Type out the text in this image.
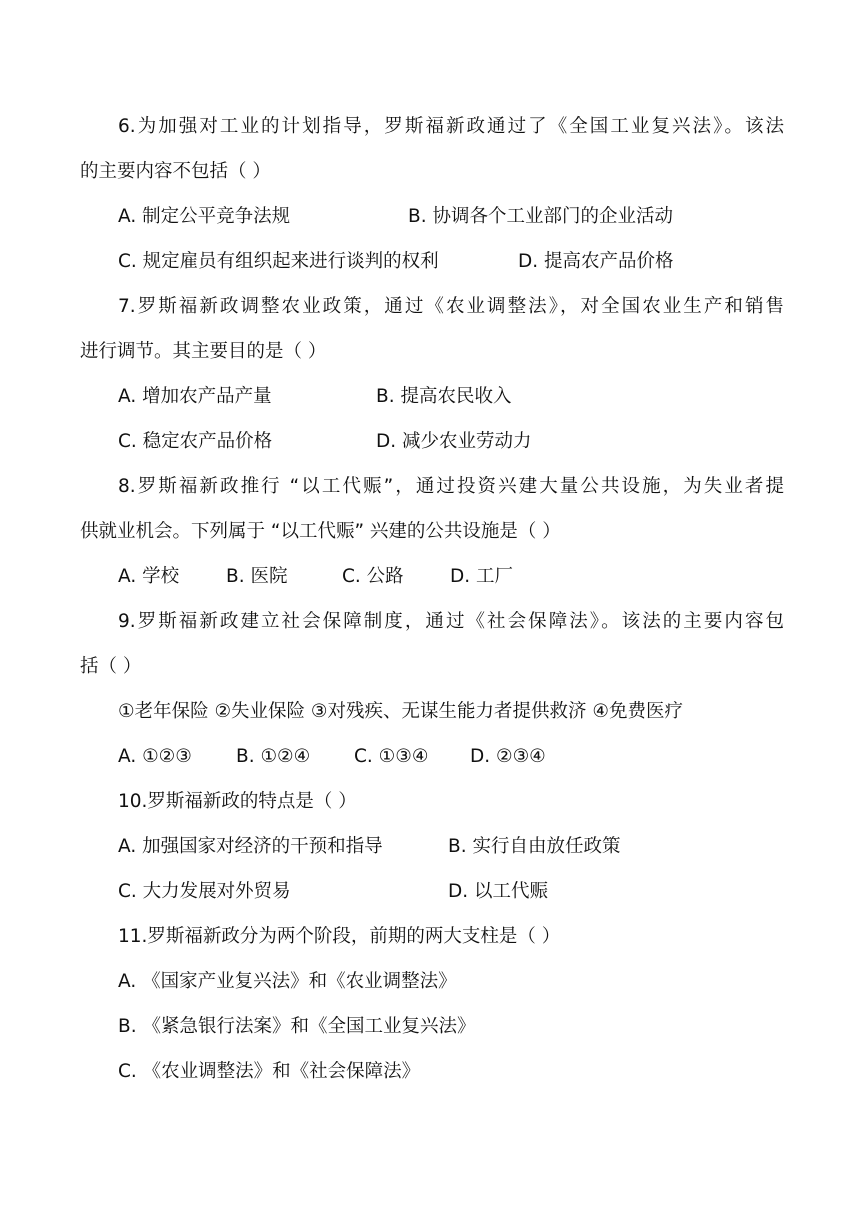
6.为加强对工业的计划指导，罗斯福新政通过了《全国工业复兴法》。该法
的主要内容不包括（ ）
A. 制定公平竞争法规	B. 协调各个工业部门的企业活动
C. 规定雇员有组织起来进行谈判的权利	D. 提高农产品价格
7.罗斯福新政调整农业政策，通过《农业调整法》，对全国农业生产和销售
进行调节。其主要目的是（ ）
A. 增加农产品产量	B. 提高农民收入
C. 稳定农产品价格	D. 减少农业劳动力
8.罗斯福新政推行 “以工代赈”，通过投资兴建大量公共设施，为失业者提
供就业机会。下列属于 “以工代赈” 兴建的公共设施是（ ）
A. 学校	B. 医院	C. 公路	D. 工厂
9.罗斯福新政建立社会保障制度，通过《社会保障法》。该法的主要内容包
括（ ）
①老年保险 ②失业保险 ③对残疾、无谋生能力者提供救济 ④免费医疗
A. ①②③ B. ①②④ C. ①③④ D. ②③④
10.罗斯福新政的特点是（ ）
A. 加强国家对经济的干预和指导	B. 实行自由放任政策
C. 大力发展对外贸易	D. 以工代赈
11.罗斯福新政分为两个阶段，前期的两大支柱是（ ）
A. 《国家产业复兴法》和《农业调整法》
B. 《紧急银行法案》和《全国工业复兴法》
C. 《农业调整法》和《社会保障法》
